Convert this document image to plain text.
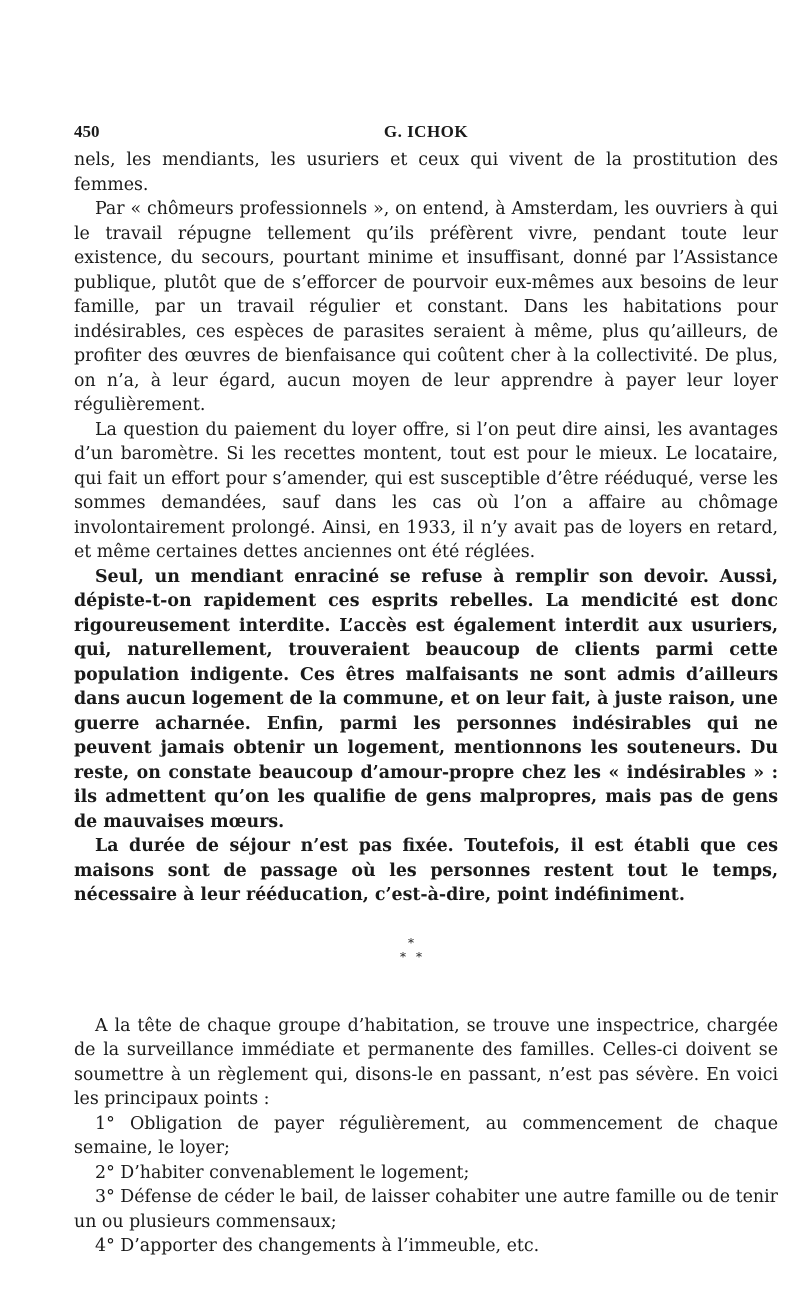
450	G. ICHOK

nels, les mendiants, les usuriers et ceux qui vivent de la prostitution des femmes.

Par « chômeurs professionnels », on entend, à Amsterdam, les ouvriers à qui le travail répugne tellement qu’ils préfèrent vivre, pendant toute leur existence, du secours, pourtant minime et insuffisant, donné par l’Assistance publique, plutôt que de s’efforcer de pourvoir eux-mêmes aux besoins de leur famille, par un travail régulier et constant. Dans les habitations pour indésirables, ces espèces de parasites seraient à même, plus qu’ailleurs, de profiter des œuvres de bienfaisance qui coûtent cher à la collectivité. De plus, on n’a, à leur égard, aucun moyen de leur apprendre à payer leur loyer régulièrement.

La question du paiement du loyer offre, si l’on peut dire ainsi, les avantages d’un baromètre. Si les recettes montent, tout est pour le mieux. Le locataire, qui fait un effort pour s’amender, qui est susceptible d’être rééduqué, verse les sommes demandées, sauf dans les cas où l’on a affaire au chômage involontairement prolongé. Ainsi, en 1933, il n’y avait pas de loyers en retard, et même certaines dettes anciennes ont été réglées.

Seul, un mendiant enraciné se refuse à remplir son devoir. Aussi, dépiste-t-on rapidement ces esprits rebelles. La mendicité est donc rigoureusement interdite. L’accès est également interdit aux usuriers, qui, naturellement, trouveraient beaucoup de clients parmi cette population indigente. Ces êtres malfaisants ne sont admis d’ailleurs dans aucun logement de la commune, et on leur fait, à juste raison, une guerre acharnée. Enfin, parmi les personnes indésirables qui ne peuvent jamais obtenir un logement, mentionnons les souteneurs. Du reste, on constate beaucoup d’amour-propre chez les « indésirables » : ils admettent qu’on les qualifie de gens malpropres, mais pas de gens de mauvaises mœurs.

La durée de séjour n’est pas fixée. Toutefois, il est établi que ces maisons sont de passage où les personnes restent tout le temps, nécessaire à leur rééducation, c’est-à-dire, point indéfiniment.

*
* *

A la tête de chaque groupe d’habitation, se trouve une inspectrice, chargée de la surveillance immédiate et permanente des familles. Celles-ci doivent se soumettre à un règlement qui, disons-le en passant, n’est pas sévère. En voici les principaux points :

1° Obligation de payer régulièrement, au commencement de chaque semaine, le loyer;

2° D’habiter convenablement le logement;

3° Défense de céder le bail, de laisser cohabiter une autre famille ou de tenir un ou plusieurs commensaux;

4° D’apporter des changements à l’immeuble, etc.
